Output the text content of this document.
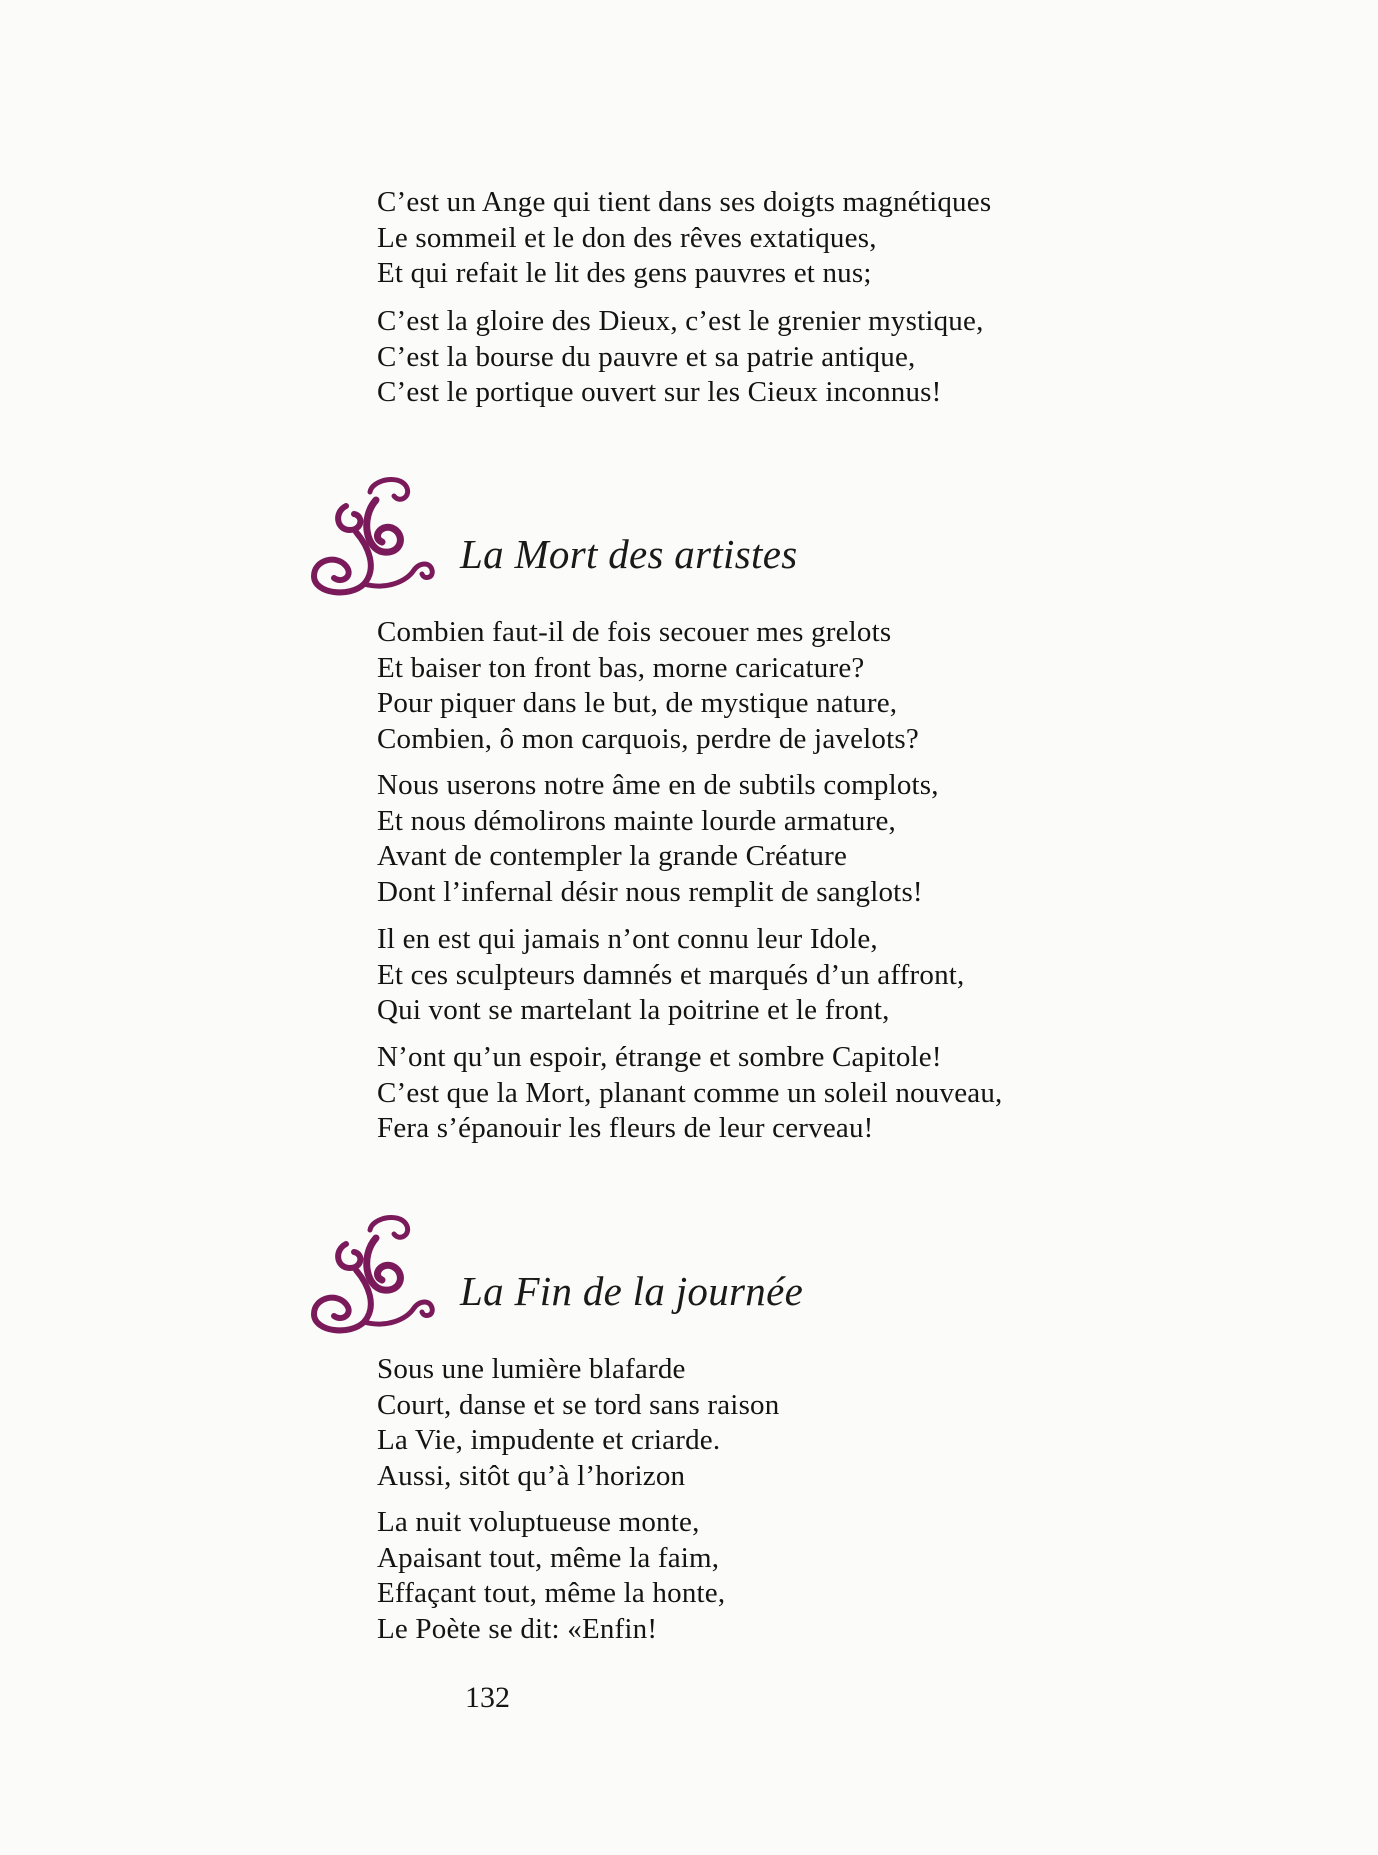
C’est un Ange qui tient dans ses doigts magnétiques
Le sommeil et le don des rêves extatiques,
Et qui refait le lit des gens pauvres et nus;
C’est la gloire des Dieux, c’est le grenier mystique,
C’est la bourse du pauvre et sa patrie antique,
C’est le portique ouvert sur les Cieux inconnus!
La Mort des artistes
Combien faut-il de fois secouer mes grelots
Et baiser ton front bas, morne caricature?
Pour piquer dans le but, de mystique nature,
Combien, ô mon carquois, perdre de javelots?
Nous userons notre âme en de subtils complots,
Et nous démolirons mainte lourde armature,
Avant de contempler la grande Créature
Dont l’infernal désir nous remplit de sanglots!
Il en est qui jamais n’ont connu leur Idole,
Et ces sculpteurs damnés et marqués d’un affront,
Qui vont se martelant la poitrine et le front,
N’ont qu’un espoir, étrange et sombre Capitole!
C’est que la Mort, planant comme un soleil nouveau,
Fera s’épanouir les fleurs de leur cerveau!
La Fin de la journée
Sous une lumière blafarde
Court, danse et se tord sans raison
La Vie, impudente et criarde.
Aussi, sitôt qu’à l’horizon
La nuit voluptueuse monte,
Apaisant tout, même la faim,
Effaçant tout, même la honte,
Le Poète se dit: «Enfin!
132
